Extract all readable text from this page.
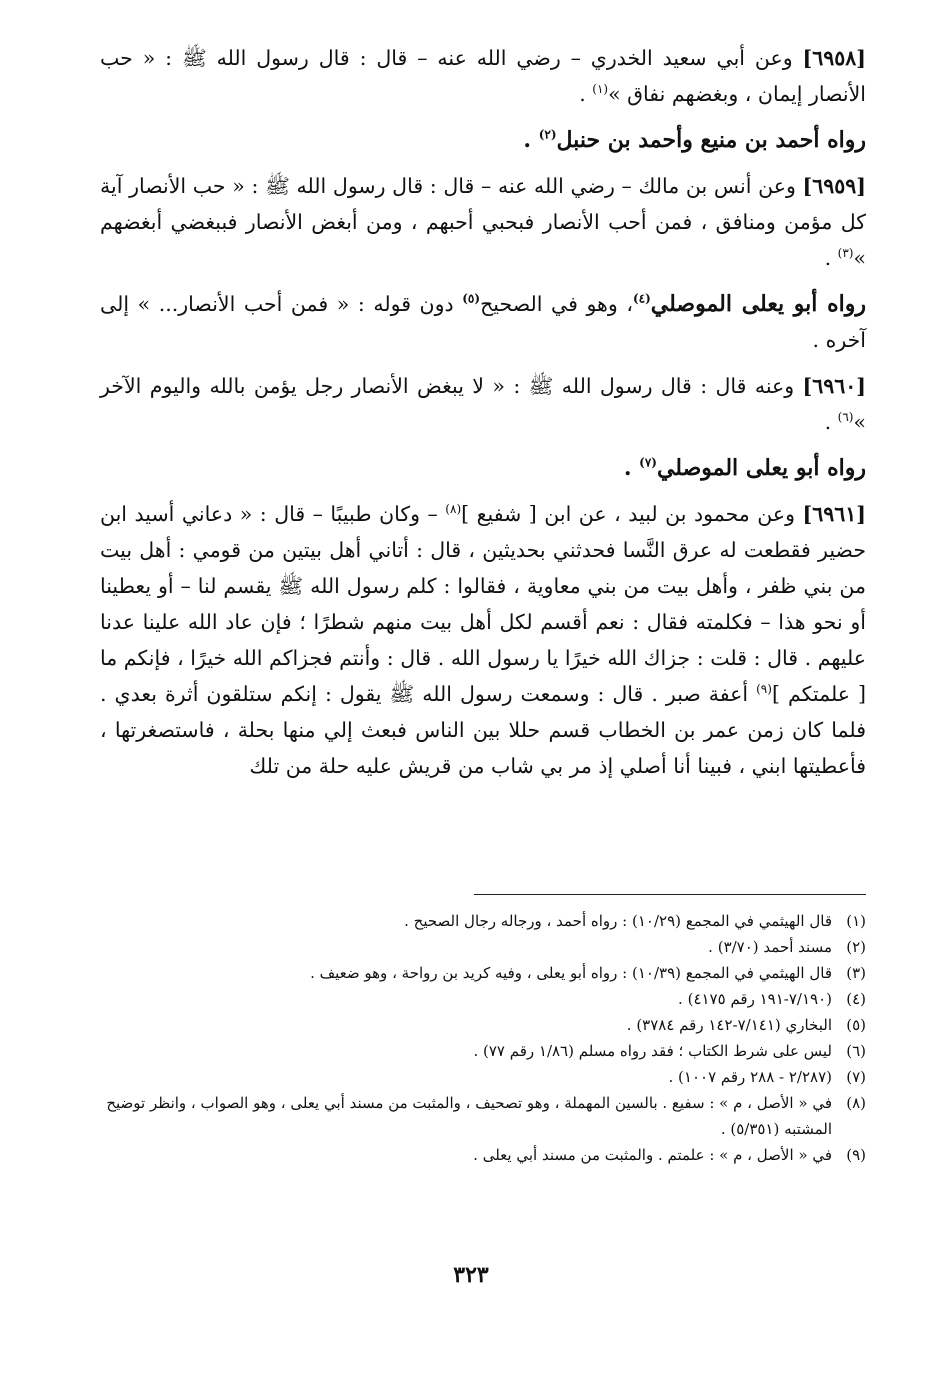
[٦٩٥٨] وعن أبي سعيد الخدري – رضي الله عنه – قال : قال رسول الله ﷺ : « حب الأنصار إيمان ، وبغضهم نفاق »$^{(١)}$ .

رواه أحمد بن منيع وأحمد بن حنبل$^{(٢)}$ .

[٦٩٥٩] وعن أنس بن مالك – رضي الله عنه – قال : قال رسول الله ﷺ : « حب الأنصار آية كل مؤمن ومنافق ، فمن أحب الأنصار فبحبي أحبهم ، ومن أبغض الأنصار فببغضي أبغضهم »$^{(٣)}$ .

رواه أبو يعلى الموصلي$^{(٤)}$، وهو في الصحيح$^{(٥)}$ دون قوله : « فمن أحب الأنصار... » إلى آخره .

[٦٩٦٠] وعنه قال : قال رسول الله ﷺ : « لا يبغض الأنصار رجل يؤمن بالله واليوم الآخر »$^{(٦)}$ .

رواه أبو يعلى الموصلي$^{(٧)}$ .

[٦٩٦١] وعن محمود بن لبيد ، عن ابن [ شفيع ]$^{(٨)}$ – وكان طبيبًا – قال : « دعاني أسيد ابن حضير فقطعت له عرق النَّسا فحدثني بحديثين ، قال : أتاني أهل بيتين من قومي : أهل بيت من بني ظفر ، وأهل بيت من بني معاوية ، فقالوا : كلم رسول الله ﷺ يقسم لنا – أو يعطينا أو نحو هذا – فكلمته فقال : نعم أقسم لكل أهل بيت منهم شطرًا ؛ فإن عاد الله علينا عدنا عليهم . قال : قلت : جزاك الله خيرًا يا رسول الله . قال : وأنتم فجزاكم الله خيرًا ، فإنكم ما [ علمتكم ]$^{(٩)}$ أعفة صبر . قال : وسمعت رسول الله ﷺ يقول : إنكم ستلقون أثرة بعدي . فلما كان زمن عمر بن الخطاب قسم حللا بين الناس فبعث إلي منها بحلة ، فاستصغرتها ، فأعطيتها ابني ، فبينا أنا أصلي إذ مر بي شاب من قريش عليه حلة من تلك

(١)
قال الهيثمي في المجمع (١٠/٢٩) : رواه أحمد ، ورجاله رجال الصحيح .
(٢)
مسند أحمد (٣/٧٠) .
(٣)
قال الهيثمي في المجمع (١٠/٣٩) : رواه أبو يعلى ، وفيه كريد بن رواحة ، وهو ضعيف .
(٤)
(٧/١٩٠-١٩١ رقم ٤١٧٥) .
(٥)
البخاري (٧/١٤١-١٤٢ رقم ٣٧٨٤) .
(٦)
ليس على شرط الكتاب ؛ فقد رواه مسلم (١/٨٦ رقم ٧٧) .
(٧)
(٢/٢٨٧ - ٢٨٨ رقم ١٠٠٧) .
(٨)
في « الأصل ، م » : سفيع . بالسين المهملة ، وهو تصحيف ، والمثبت من مسند أبي يعلى ، وهو الصواب ، وانظر توضيح المشتبه (٥/٣٥١) .
(٩)
في « الأصل ، م » : علمتم . والمثبت من مسند أبي يعلى .
٣٢٣
